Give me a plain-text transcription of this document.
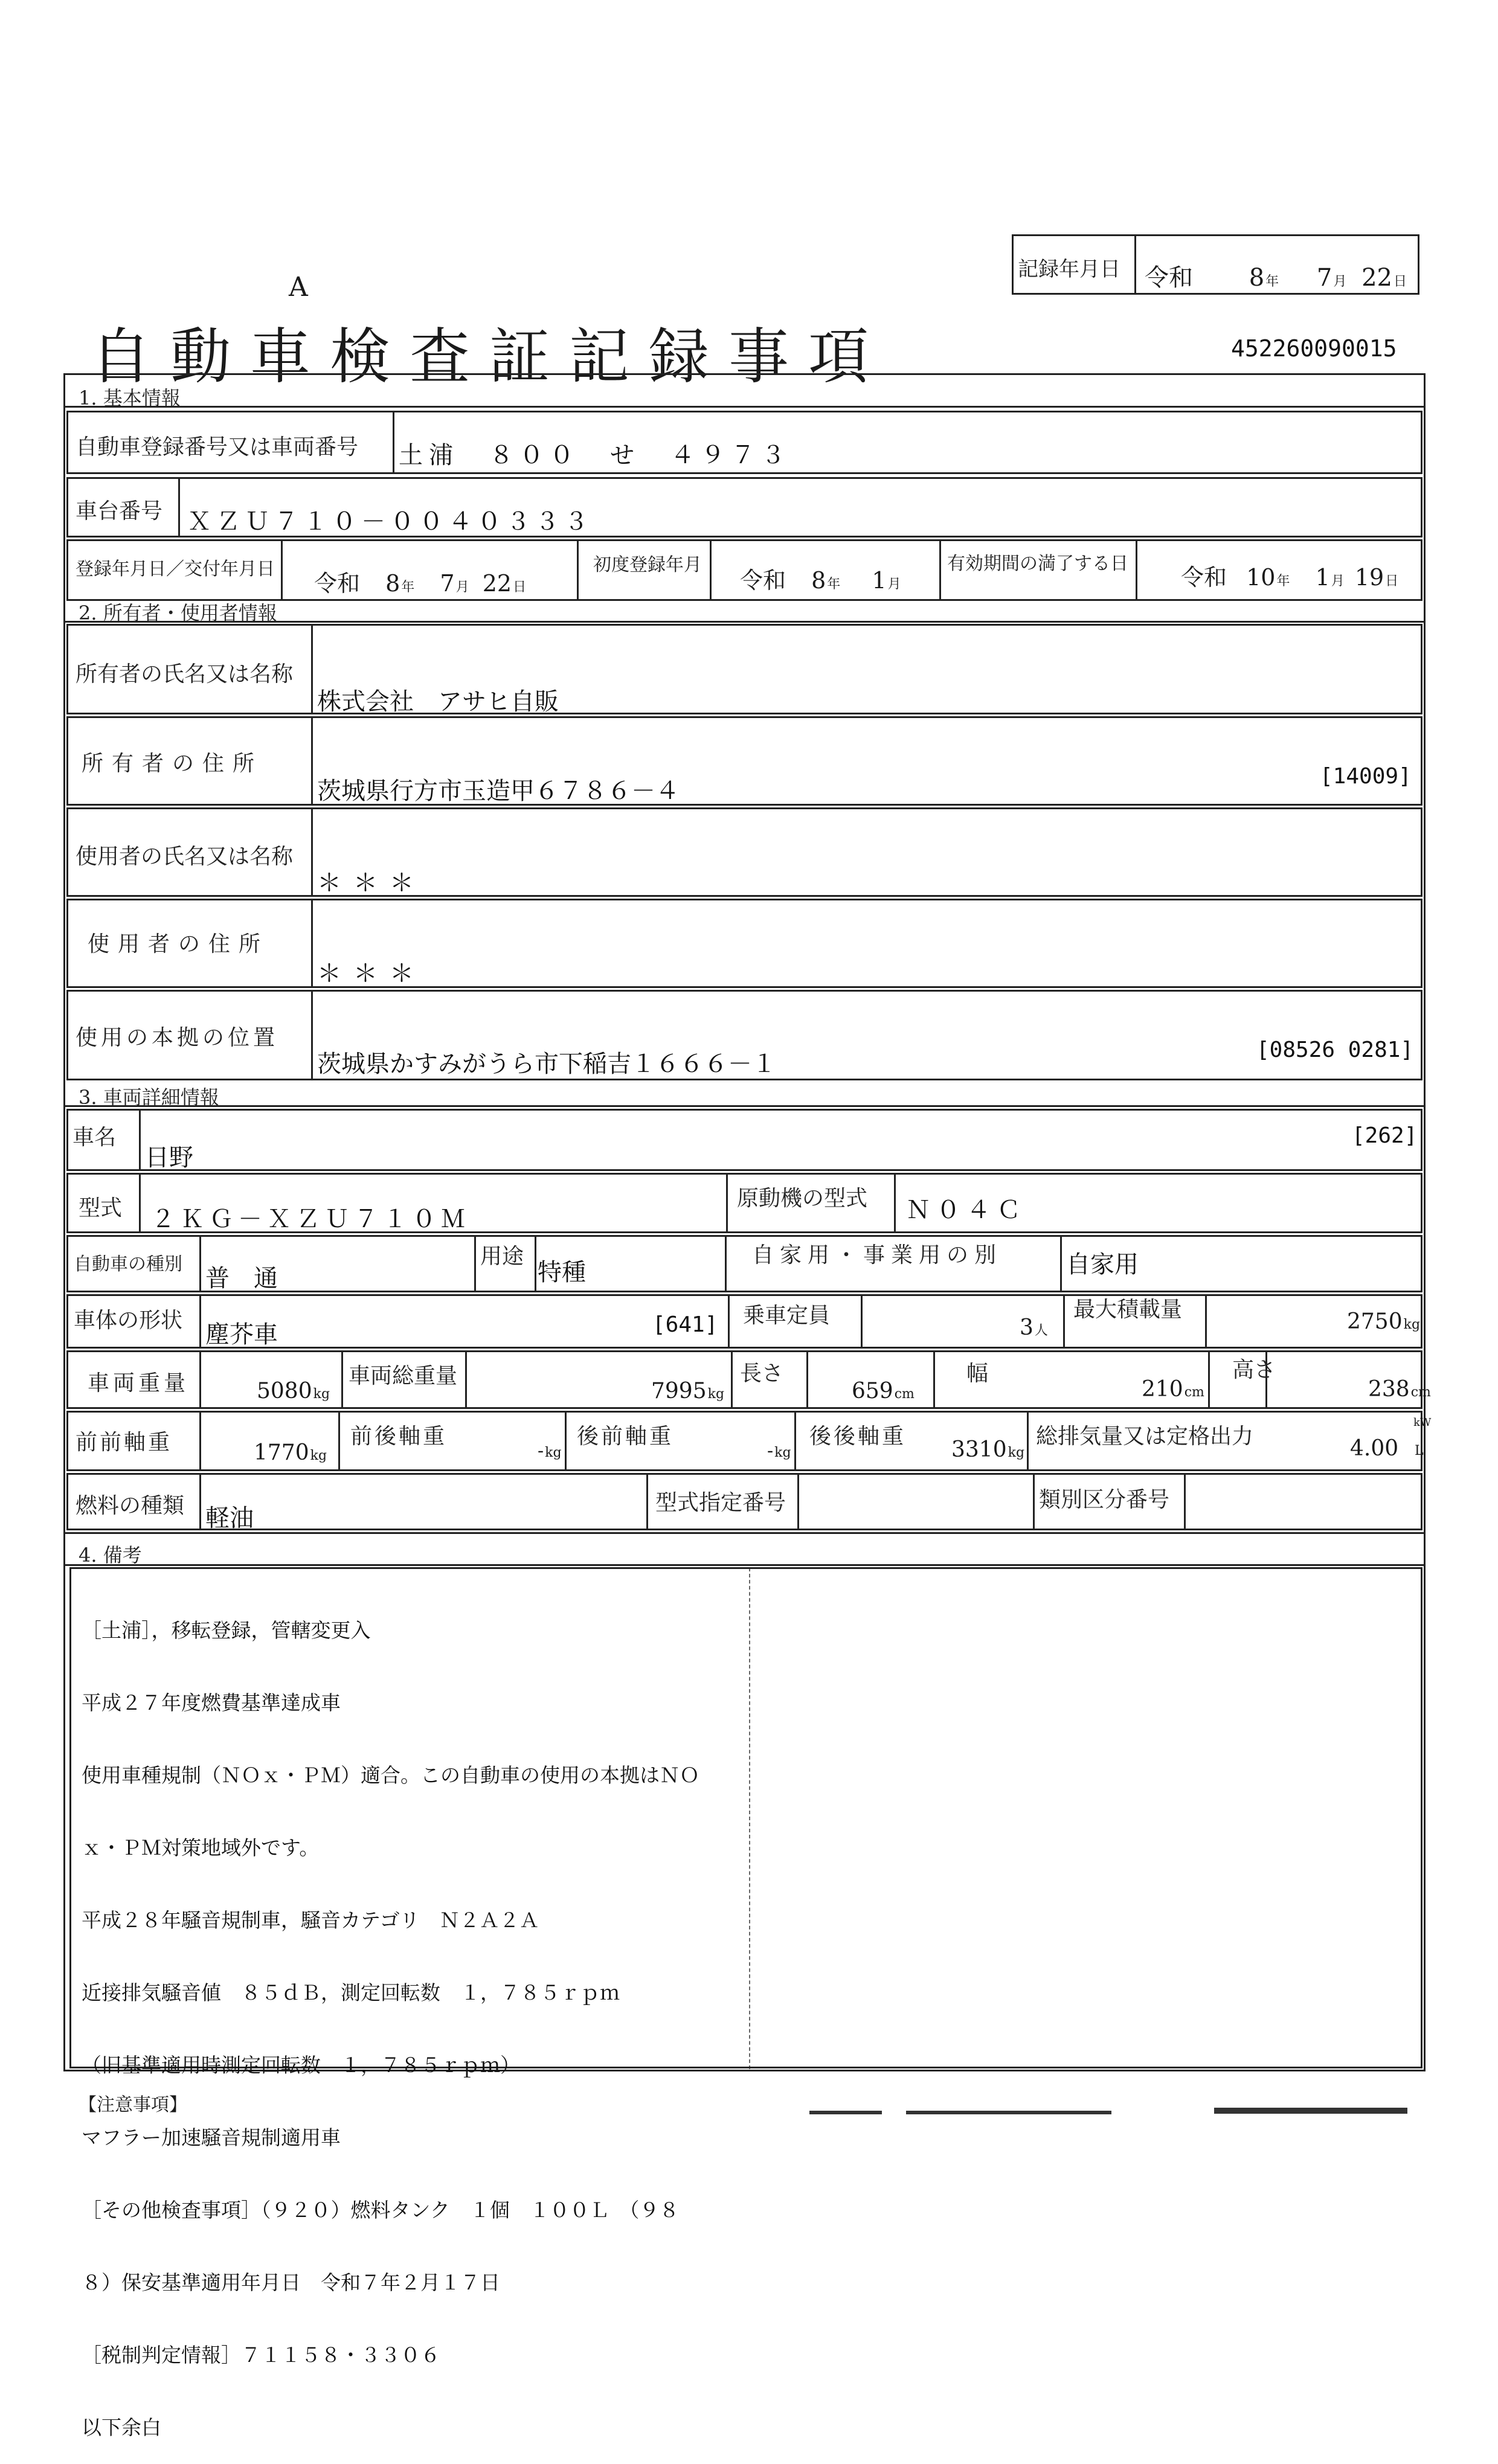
A
自動車検査証記録事項	452260090015
記録年月日 令和 8年 7月 22日
1. 基本情報
自動車登録番号又は車両番号 土浦　８００　せ　４９７３
車台番号 ＸＺＵ７１０－００４０３３３
登録年月日／交付年月日
令和 8年 7月 22日
初度登録年月
令和 8年 1月
有効期間の満了する日
令和 10年 1月 19日
2. 所有者・使用者情報
所有者の氏名又は名称
株式会社　アサヒ自販
所有者の住所
茨城県行方市玉造甲６７８６－４
[14009]
使用者の氏名又は名称
＊＊＊
使用者の住所
＊＊＊
使用の本拠の位置
茨城県かすみがうら市下稲吉１６６６－１
[08526 0281]
3. 車両詳細情報
車名
日野
[262]
型式 ２ＫＧ－ＸＺＵ７１０Ｍ
原動機の型式 Ｎ０４Ｃ
自動車の種別
普　通
用途
特種
自家用・事業用の別	自家用
車体の形状
塵芥車	[641] 乗車定員	3人
最大積載量	2750kg
車両重量	5080kg
車両総重量
7995kg
長さ
659cm
幅
210cm
高さ
238cm
前前軸重	1770kg
前後軸重
-kg
後前軸重
-kg
後後軸重
3310kg
総排気量又は定格出力	4.00
kW
L
燃料の種類 軽油
型式指定番号	類別区分番号
4. 備考

［土浦］，移転登録，管轄変更入

平成２７年度燃費基準達成車

使用車種規制（ＮＯｘ・ＰＭ）適合。この自動車の使用の本拠はＮＯ

ｘ・ＰＭ対策地域外です。

平成２８年騒音規制車，騒音カテゴリ　Ｎ２Ａ２Ａ

近接排気騒音値　８５ｄＢ，測定回転数　１，７８５ｒｐｍ

（旧基準適用時測定回転数　１，７８５ｒｐｍ）

マフラー加速騒音規制適用車

［その他検査事項］（９２０）燃料タンク　１個　１００Ｌ　（９８

８）保安基準適用年月日　令和７年２月１７日

［税制判定情報］７１１５８・３３０６

以下余白

【注意事項】
